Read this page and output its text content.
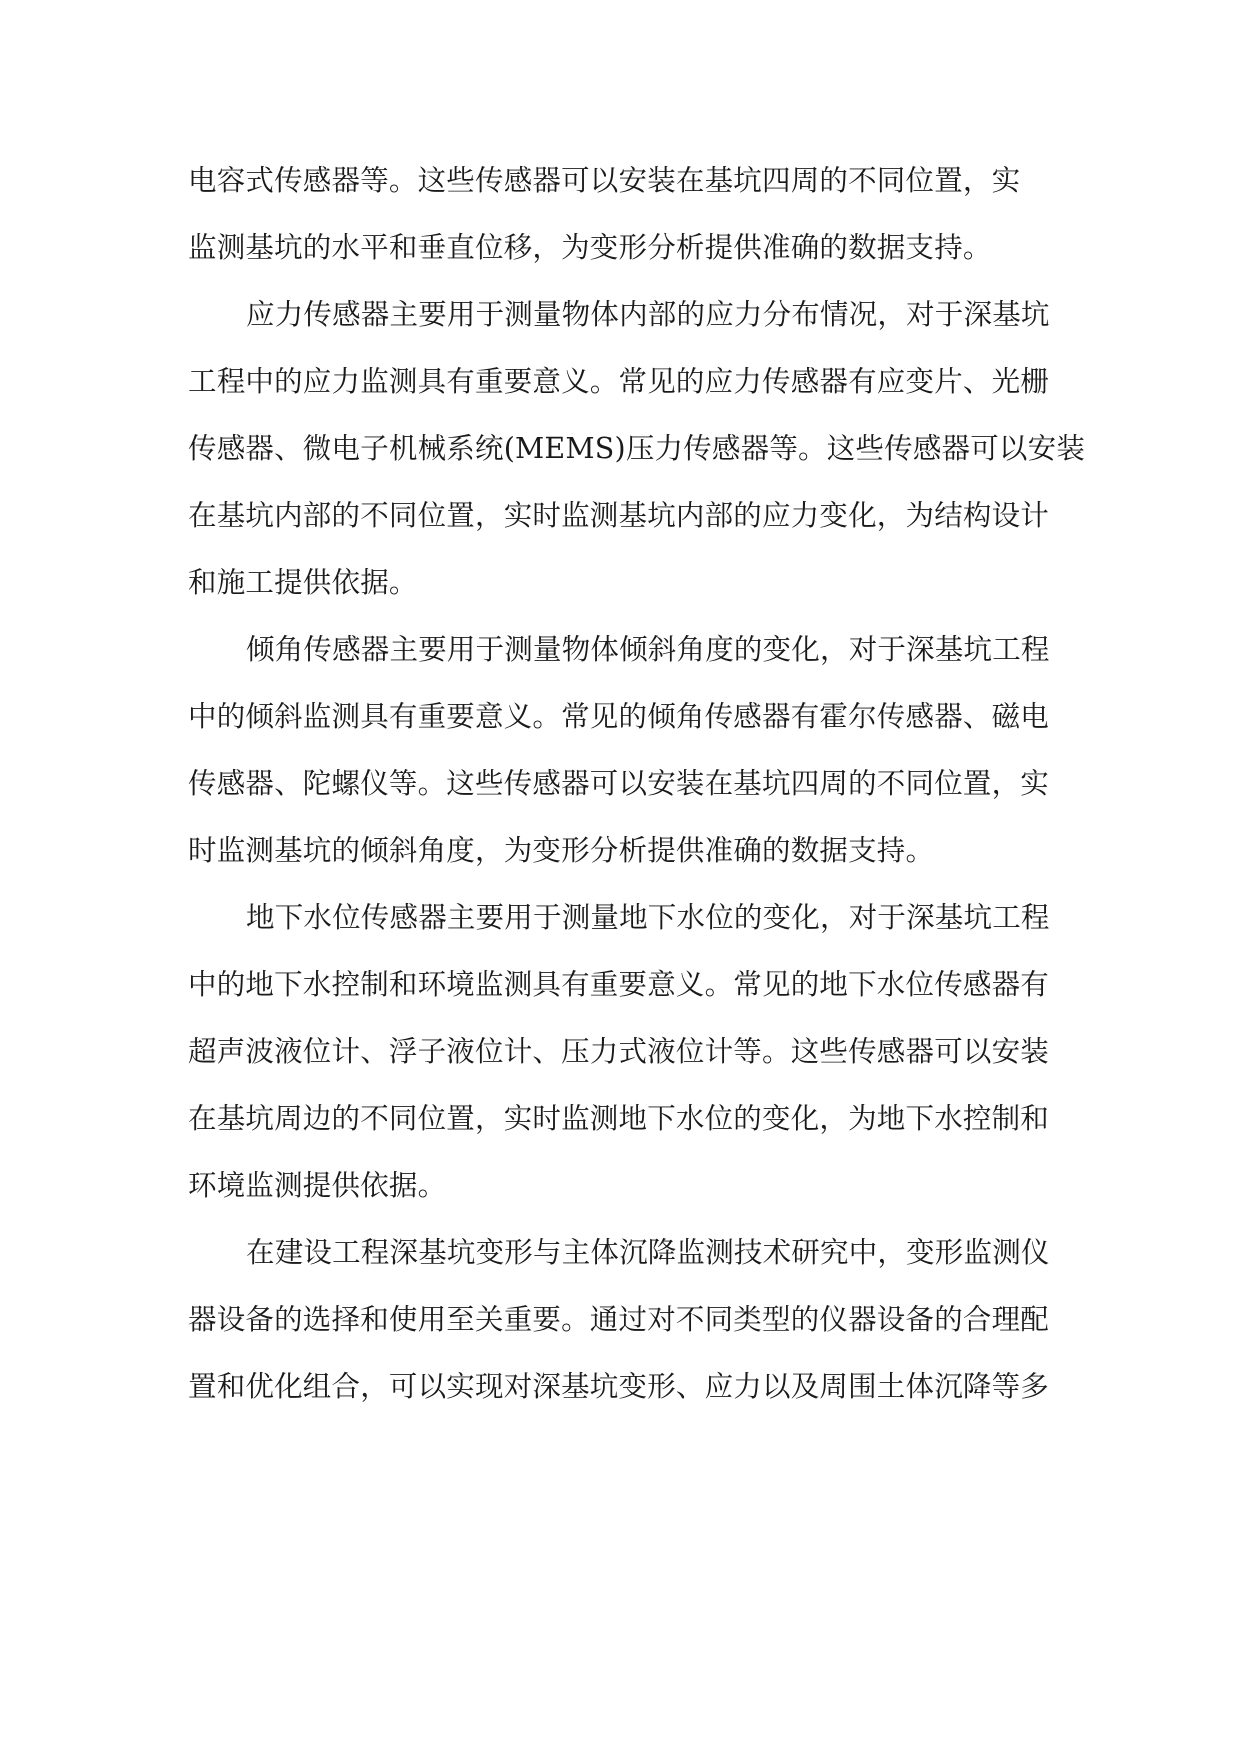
电容式传感器等。这些传感器可以安装在基坑四周的不同位置，实
监测基坑的水平和垂直位移，为变形分析提供准确的数据支持。
应力传感器主要用于测量物体内部的应力分布情况，对于深基坑
工程中的应力监测具有重要意义。常见的应力传感器有应变片、光栅
传感器、微电子机械系统(MEMS)压力传感器等。这些传感器可以安装
在基坑内部的不同位置，实时监测基坑内部的应力变化，为结构设计
和施工提供依据。
倾角传感器主要用于测量物体倾斜角度的变化，对于深基坑工程
中的倾斜监测具有重要意义。常见的倾角传感器有霍尔传感器、磁电
传感器、陀螺仪等。这些传感器可以安装在基坑四周的不同位置，实
时监测基坑的倾斜角度，为变形分析提供准确的数据支持。
地下水位传感器主要用于测量地下水位的变化，对于深基坑工程
中的地下水控制和环境监测具有重要意义。常见的地下水位传感器有
超声波液位计、浮子液位计、压力式液位计等。这些传感器可以安装
在基坑周边的不同位置，实时监测地下水位的变化，为地下水控制和
环境监测提供依据。
在建设工程深基坑变形与主体沉降监测技术研究中，变形监测仪
器设备的选择和使用至关重要。通过对不同类型的仪器设备的合理配
置和优化组合，可以实现对深基坑变形、应力以及周围土体沉降等多
